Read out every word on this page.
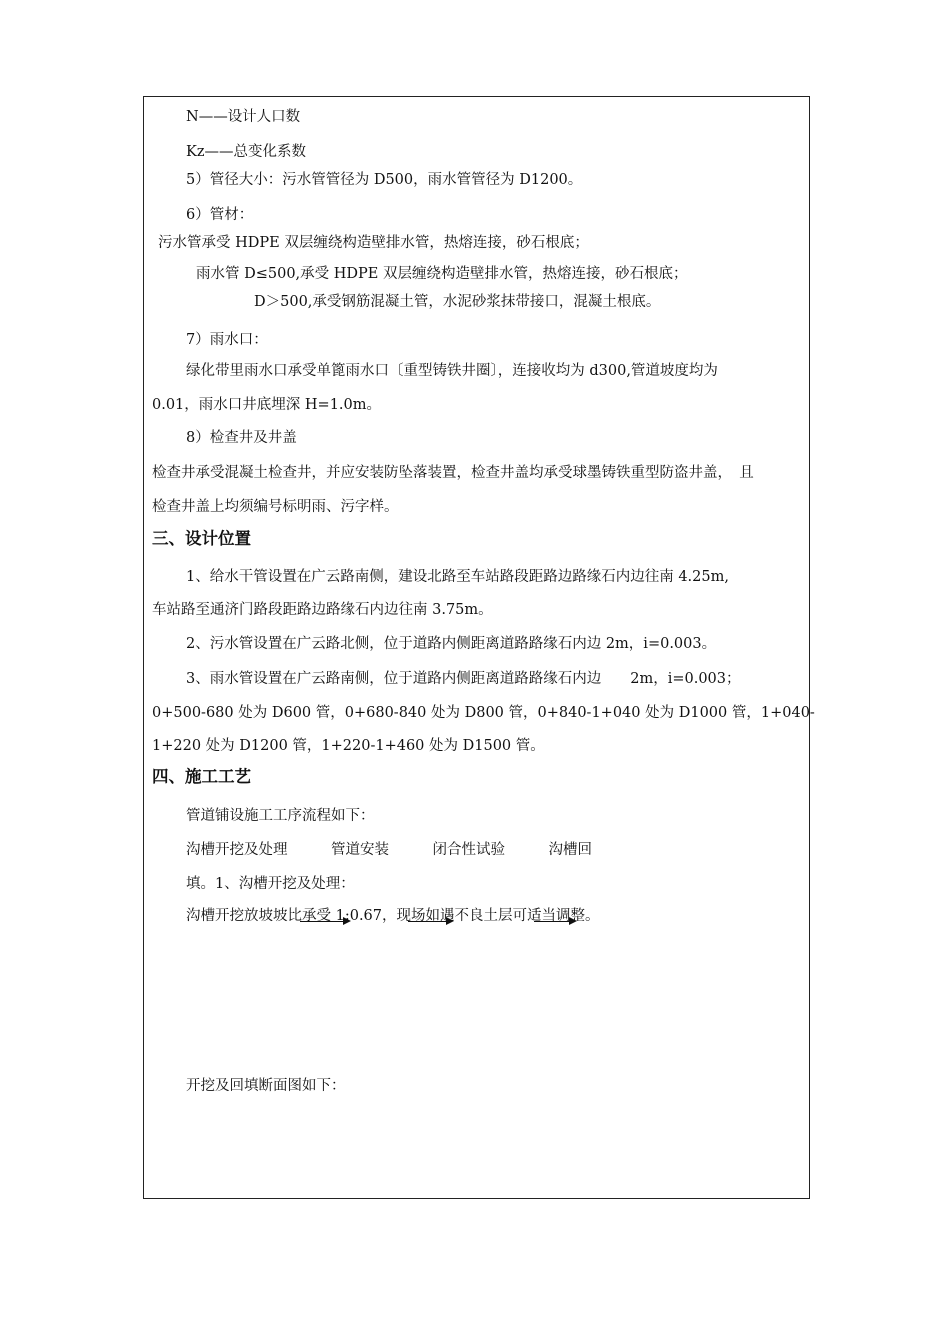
N——设计人口数
Kz——总变化系数
5）管径大小：污水管管径为 D500，雨水管管径为 D1200。
6）管材：
污水管承受 HDPE 双层缠绕构造壁排水管，热熔连接，砂石根底；
雨水管 D≤500,承受 HDPE 双层缠绕构造壁排水管，热熔连接，砂石根底；
D＞500,承受钢筋混凝土管，水泥砂浆抹带接口，混凝土根底。
7）雨水口：
绿化带里雨水口承受单篦雨水口〔重型铸铁井圈〕，连接收均为 d300,管道坡度均为
0.01，雨水口井底埋深 H=1.0m。
8）检查井及井盖
检查井承受混凝土检查井，并应安装防坠落装置，检查井盖均承受球墨铸铁重型防盗井盖，　且
检查井盖上均须编号标明雨、污字样。
三、设计位置
1、给水干管设置在广云路南侧，建设北路至车站路段距路边路缘石内边往南 4.25m,
车站路至通济门路段距路边路缘石内边往南 3.75m。
2、污水管设置在广云路北侧，位于道路内侧距离道路路缘石内边 2m，i=0.003。
3、雨水管设置在广云路南侧，位于道路内侧距离道路路缘石内边　　2m，i=0.003；
0+500-680 处为 D600 管，0+680-840 处为 D800 管，0+840-1+040 处为 D1000 管，1+040-
1+220 处为 D1200 管，1+220-1+460 处为 D1500 管。
四、施工工艺
管道铺设施工工序流程如下：
沟槽开挖及处理　　　管道安装　　　闭合性试验　　　沟槽回
填。1、沟槽开挖及处理：
沟槽开挖放坡坡比承受 1:0.67，现场如遇不良土层可适当调整。
开挖及回填断面图如下：
